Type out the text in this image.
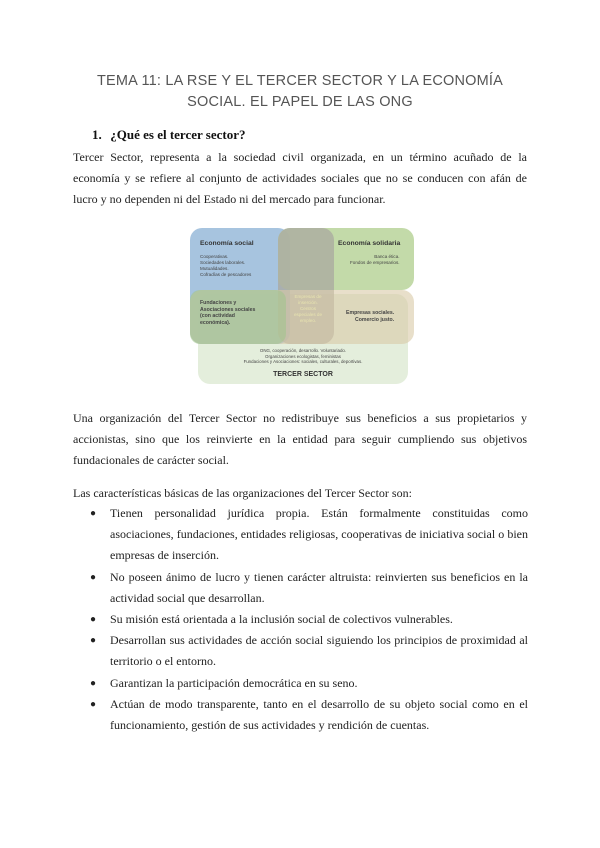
TEMA 11: LA RSE Y EL TERCER SECTOR Y LA ECONOMÍA
SOCIAL. EL PAPEL DE LAS ONG
1. ¿Qué es el tercer sector?
Tercer Sector, representa a la sociedad civil organizada, en un término acuñado de la economía y se refiere al conjunto de actividades sociales que no se conducen con afán de lucro y no dependen ni del Estado ni del mercado para funcionar.
Economía social
Cooperativas.
Sociedades laborales.
Mutualidades.
Cofradías de pescadores
Economía solidaria
Banca ética.
Fondos de empresarios.
Fundaciones y
Asociaciones sociales
(con actividad
económica).
Empresas de
inserción.
Centros
especiales de
empleo.
Empresas sociales.
Comercio justo.
ONG, cooperación, desarrollo. Voluntariado.
Organizaciones ecologistas, feministas
Fundaciones y Asociaciones: sociales, culturales, deportivas.
TERCER SECTOR
Una organización del Tercer Sector no redistribuye sus beneficios a sus propietarios y accionistas, sino que los reinvierte en la entidad para seguir cumpliendo sus objetivos fundacionales de carácter social.
Las características básicas de las organizaciones del Tercer Sector son:
● Tienen personalidad jurídica propia. Están formalmente constituidas como asociaciones, fundaciones, entidades religiosas, cooperativas de iniciativa social o bien empresas de inserción.
● No poseen ánimo de lucro y tienen carácter altruista: reinvierten sus beneficios en la actividad social que desarrollan.
● Su misión está orientada a la inclusión social de colectivos vulnerables.
● Desarrollan sus actividades de acción social siguiendo los principios de proximidad al territorio o el entorno.
● Garantizan la participación democrática en su seno.
● Actúan de modo transparente, tanto en el desarrollo de su objeto social como en el funcionamiento, gestión de sus actividades y rendición de cuentas.
